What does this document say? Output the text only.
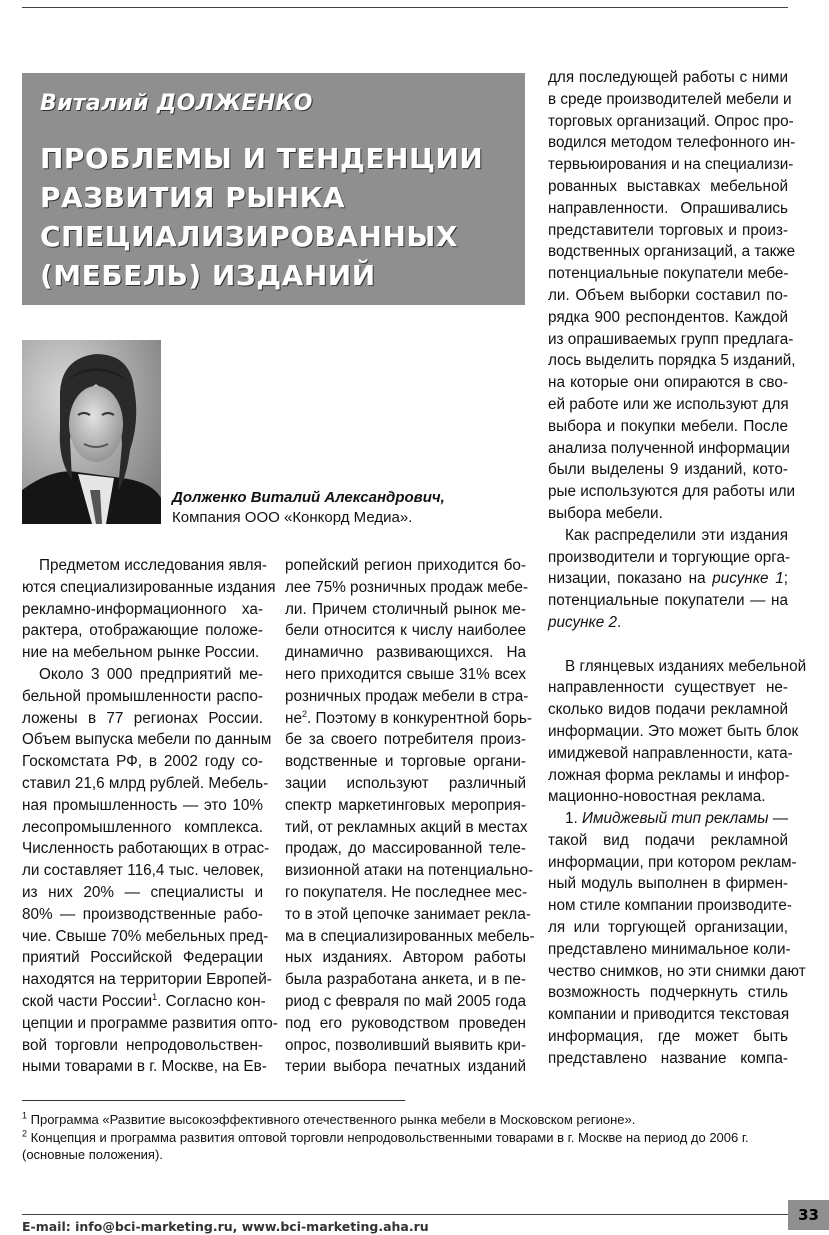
Виталий ДОЛЖЕНКО
ПРОБЛЕМЫ И ТЕНДЕНЦИИ
РАЗВИТИЯ РЫНКА
СПЕЦИАЛИЗИРОВАННЫХ
(МЕБЕЛЬ) ИЗДАНИЙ
Долженко Виталий Александрович,
Компания ООО «Конкорд Медиа».

Предметом исследования явля-

ются специализированные издания

рекламно-информационного ха-

рактера, отображающие положе-

ние на мебельном рынке России.

Около 3 000 предприятий ме-

бельной промышленности распо-

ложены в 77 регионах России.

Объем выпуска мебели по данным

Госкомстата РФ, в 2002 году со-

ставил 21,6 млрд рублей. Мебель-

ная промышленность — это 10%

лесопромышленного комплекса.

Численность работающих в отрас-

ли составляет 116,4 тыс. человек,

из них 20% — специалисты и

80% — производственные рабо-

чие. Свыше 70% мебельных пред-

приятий Российской Федерации

находятся на территории Европей-

ской части России$^1$. Согласно кон-

цепции и программе развития опто-

вой торговли непродовольствен-

ными товарами в г. Москве, на Ев-

ропейский регион приходится бо-

лее 75% розничных продаж мебе-

ли. Причем столичный рынок ме-

бели относится к числу наиболее

динамично развивающихся. На

него приходится свыше 31% всех

розничных продаж мебели в стра-

$не^2$. Поэтому в конкурентной борь-

бе за своего потребителя произ-

водственные и торговые органи-

зации используют различный

спектр маркетинговых мероприя-

тий, от рекламных акций в местах

продаж, до массированной теле-

визионной атаки на потенциально-

го покупателя. Не последнее мес-

то в этой цепочке занимает рекла-

ма в специализированных мебель-

ных изданиях. Автором работы

была разработана анкета, и в пе-

риод с февраля по май 2005 года

под его руководством проведен

опрос, позволивший выявить кри-

терии выбора печатных изданий

для последующей работы с ними

в среде производителей мебели и

торговых организаций. Опрос про-

водился методом телефонного ин-

тервьюирования и на специализи-

рованных выставках мебельной

направленности. Опрашивались

представители торговых и произ-

водственных организаций, а также

потенциальные покупатели мебе-

ли. Объем выборки составил по-

рядка 900 респондентов. Каждой

из опрашиваемых групп предлага-

лось выделить порядка 5 изданий,

на которые они опираются в сво-

ей работе или же используют для

выбора и покупки мебели. После

анализа полученной информации

были выделены 9 изданий, кото-

рые используются для работы или

выбора мебели.

Как распределили эти издания

производители и торгующие орга-

низации, показано на рисунке 1;

потенциальные покупатели — на

рисунке 2.

В глянцевых изданиях мебельной

направленности существует не-

сколько видов подачи рекламной

информации. Это может быть блок

имиджевой направленности, ката-

ложная форма рекламы и инфор-

мационно-новостная реклама.

1. Имиджевый тип рекламы —

такой вид подачи рекламной

информации, при котором реклам-

ный модуль выполнен в фирмен-

ном стиле компании производите-

ля или торгующей организации,

представлено минимальное коли-

чество снимков, но эти снимки дают

возможность подчеркнуть стиль

компании и приводится текстовая

информация, где может быть

представлено название компа-

$^1$ Программа «Развитие высокоэффективного отечественного рынка мебели в Московском регионе».

$^2$ Концепция и программа развития оптовой торговли непродовольственными товарами в г. Москве на период до 2006 г. (основные положения).

E-mail: info@bci-marketing.ru, www.bci-marketing.aha.ru
33
